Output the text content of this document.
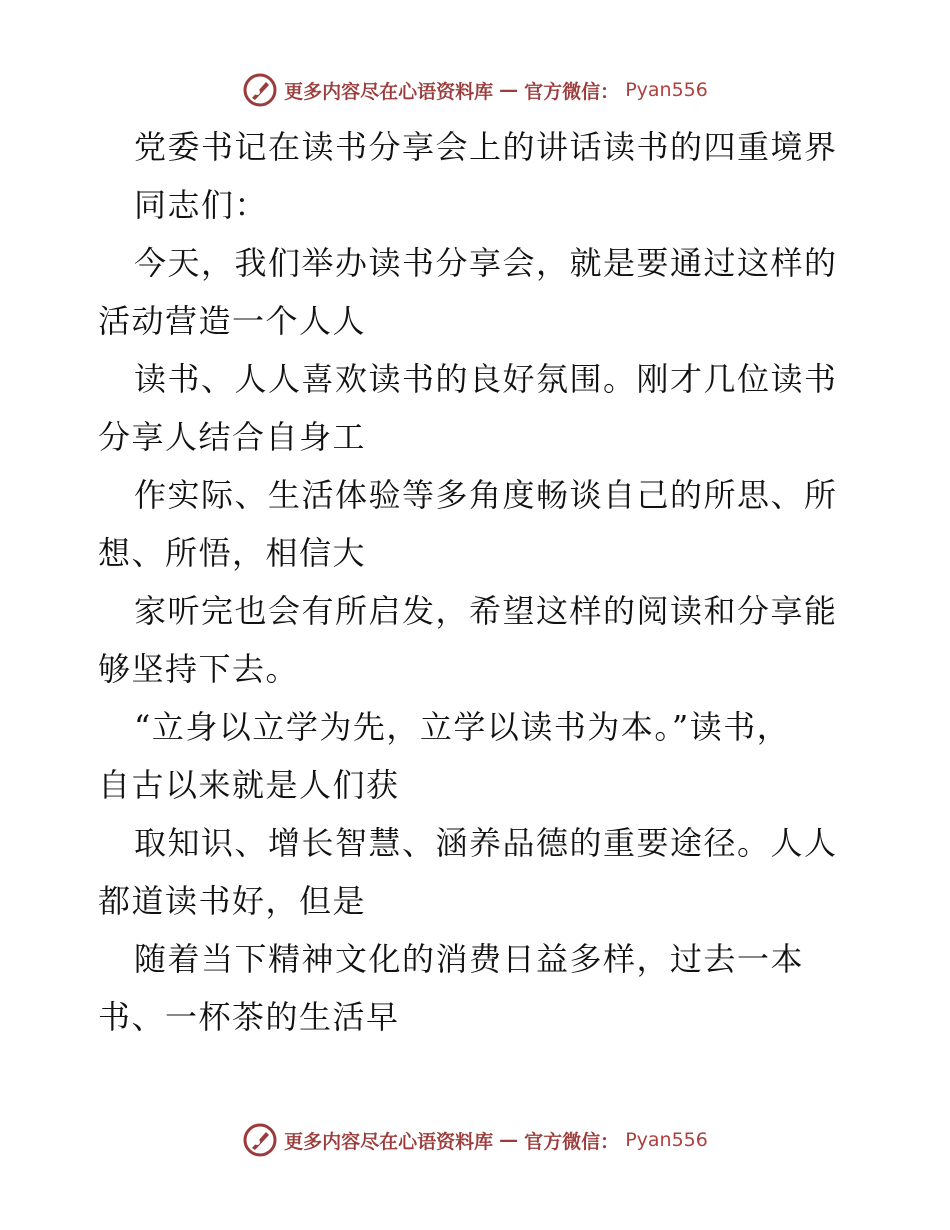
更多内容尽在心语资料库 — 官方微信： Pyan556
党委书记在读书分享会上的讲话读书的四重境界
同志们：
今天，我们举办读书分享会，就是要通过这样的
活动营造一个人人
读书、人人喜欢读书的良好氛围。刚才几位读书
分享人结合自身工
作实际、生活体验等多角度畅谈自己的所思、所
想、所悟，相信大
家听完也会有所启发，希望这样的阅读和分享能
够坚持下去。
“立身以立学为先，立学以读书为本。”读书，
自古以来就是人们获
取知识、增长智慧、涵养品德的重要途径。人人
都道读书好，但是
随着当下精神文化的消费日益多样，过去一本
书、一杯茶的生活早
更多内容尽在心语资料库 — 官方微信： Pyan556
